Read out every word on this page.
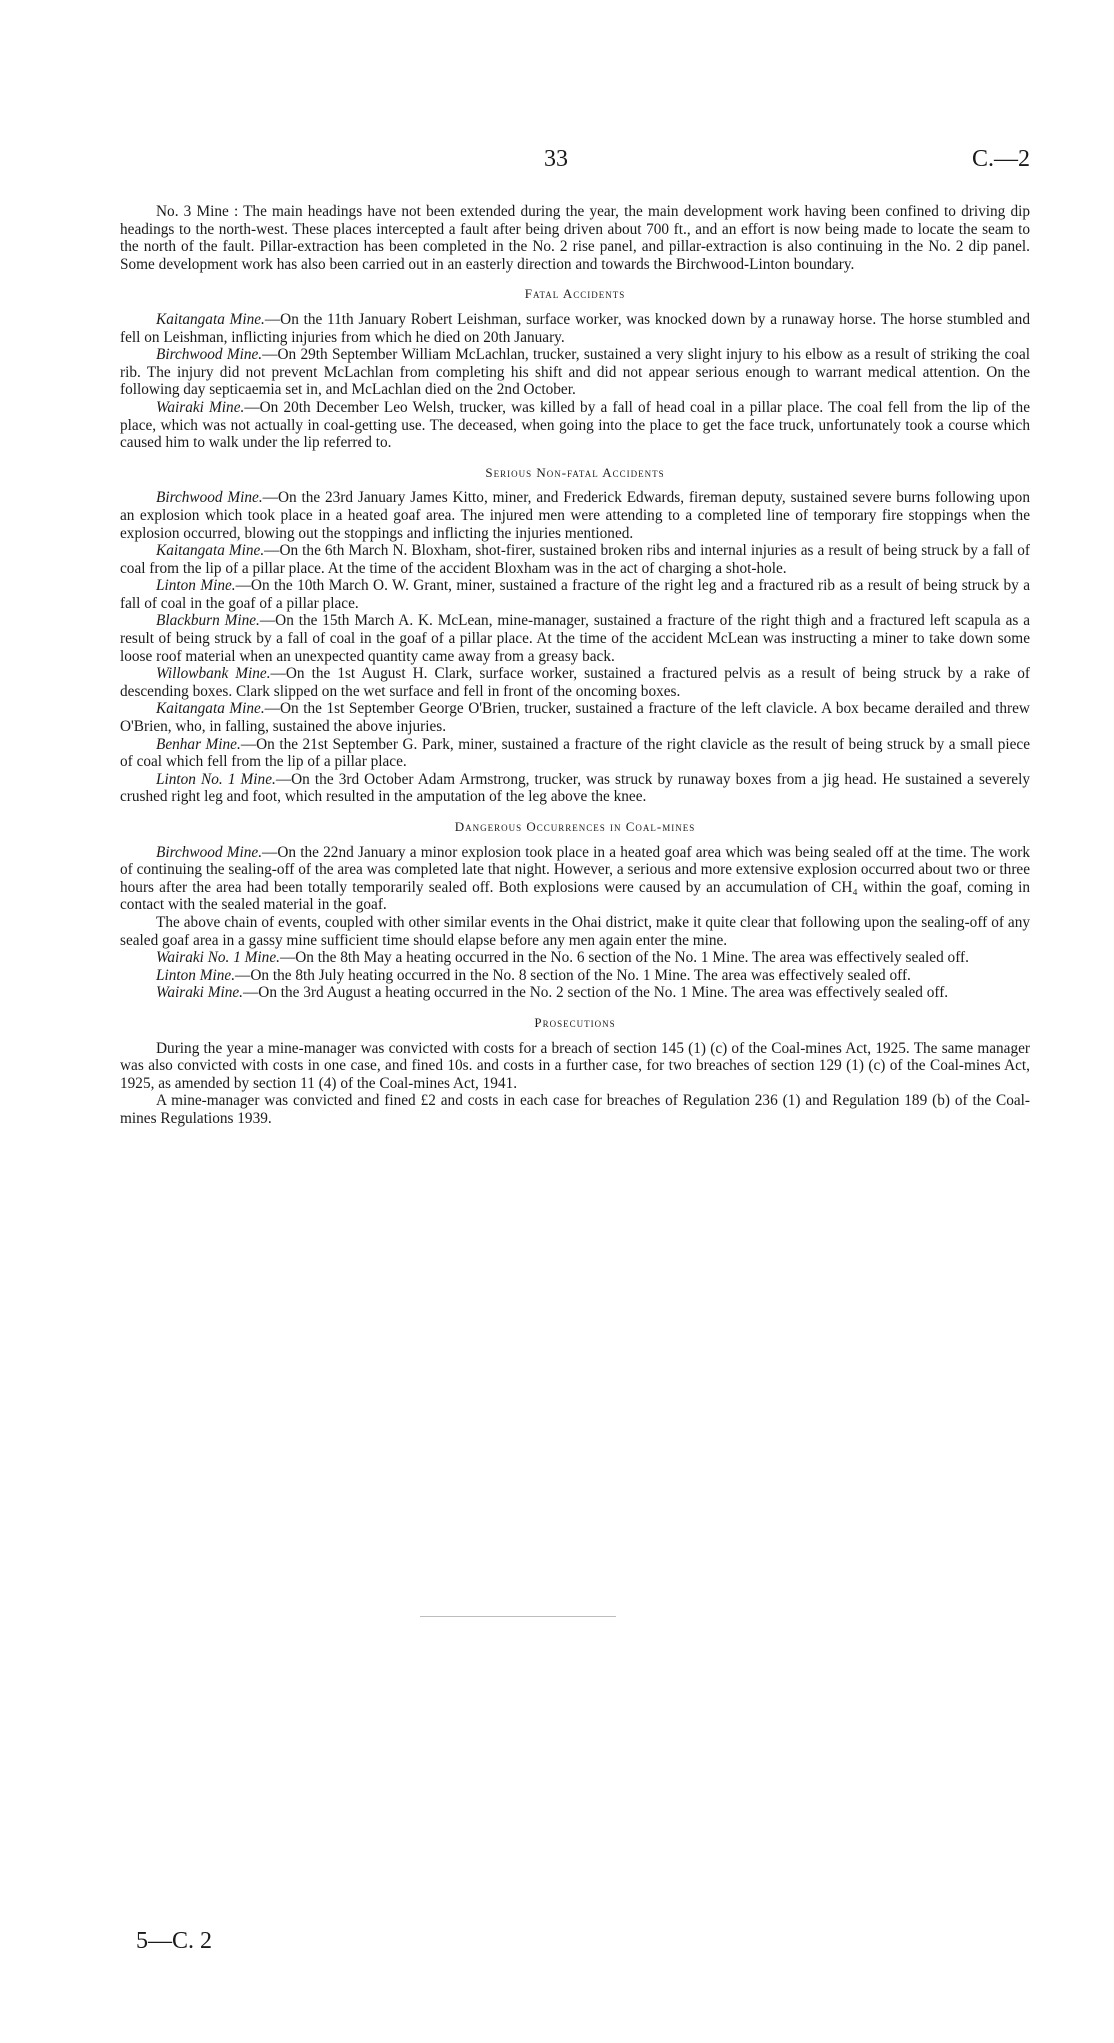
33	C.—2

No. 3 Mine : The main headings have not been extended during the year, the main development work having been confined to driving dip headings to the north-west. These places intercepted a fault after being driven about 700 ft., and an effort is now being made to locate the seam to the north of the fault. Pillar-extraction has been completed in the No. 2 rise panel, and pillar-extraction is also continuing in the No. 2 dip panel. Some development work has also been carried out in an easterly direction and towards the Birchwood-Linton boundary.

Fatal Accidents

Kaitangata Mine.—On the 11th January Robert Leishman, surface worker, was knocked down by a runaway horse. The horse stumbled and fell on Leishman, inflicting injuries from which he died on 20th January.

Birchwood Mine.—On 29th September William McLachlan, trucker, sustained a very slight injury to his elbow as a result of striking the coal rib. The injury did not prevent McLachlan from completing his shift and did not appear serious enough to warrant medical attention. On the following day septicaemia set in, and McLachlan died on the 2nd October.

Wairaki Mine.—On 20th December Leo Welsh, trucker, was killed by a fall of head coal in a pillar place. The coal fell from the lip of the place, which was not actually in coal-getting use. The deceased, when going into the place to get the face truck, unfortunately took a course which caused him to walk under the lip referred to.

Serious Non-fatal Accidents

Birchwood Mine.—On the 23rd January James Kitto, miner, and Frederick Edwards, fireman deputy, sustained severe burns following upon an explosion which took place in a heated goaf area. The injured men were attending to a completed line of temporary fire stoppings when the explosion occurred, blowing out the stoppings and inflicting the injuries mentioned.

Kaitangata Mine.—On the 6th March N. Bloxham, shot-firer, sustained broken ribs and internal injuries as a result of being struck by a fall of coal from the lip of a pillar place. At the time of the accident Bloxham was in the act of charging a shot-hole.

Linton Mine.—On the 10th March O. W. Grant, miner, sustained a fracture of the right leg and a fractured rib as a result of being struck by a fall of coal in the goaf of a pillar place.

Blackburn Mine.—On the 15th March A. K. McLean, mine-manager, sustained a fracture of the right thigh and a fractured left scapula as a result of being struck by a fall of coal in the goaf of a pillar place. At the time of the accident McLean was instructing a miner to take down some loose roof material when an unexpected quantity came away from a greasy back.

Willowbank Mine.—On the 1st August H. Clark, surface worker, sustained a fractured pelvis as a result of being struck by a rake of descending boxes. Clark slipped on the wet surface and fell in front of the oncoming boxes.

Kaitangata Mine.—On the 1st September George O'Brien, trucker, sustained a fracture of the left clavicle. A box became derailed and threw O'Brien, who, in falling, sustained the above injuries.

Benhar Mine.—On the 21st September G. Park, miner, sustained a fracture of the right clavicle as the result of being struck by a small piece of coal which fell from the lip of a pillar place.

Linton No. 1 Mine.—On the 3rd October Adam Armstrong, trucker, was struck by runaway boxes from a jig head. He sustained a severely crushed right leg and foot, which resulted in the amputation of the leg above the knee.

Dangerous Occurrences in Coal-mines

Birchwood Mine.—On the 22nd January a minor explosion took place in a heated goaf area which was being sealed off at the time. The work of continuing the sealing-off of the area was completed late that night. However, a serious and more extensive explosion occurred about two or three hours after the area had been totally temporarily sealed off. Both explosions were caused by an accumulation of CH₄ within the goaf, coming in contact with the sealed material in the goaf.

The above chain of events, coupled with other similar events in the Ohai district, make it quite clear that following upon the sealing-off of any sealed goaf area in a gassy mine sufficient time should elapse before any men again enter the mine.

Wairaki No. 1 Mine.—On the 8th May a heating occurred in the No. 6 section of the No. 1 Mine. The area was effectively sealed off.

Linton Mine.—On the 8th July heating occurred in the No. 8 section of the No. 1 Mine. The area was effectively sealed off.

Wairaki Mine.—On the 3rd August a heating occurred in the No. 2 section of the No. 1 Mine. The area was effectively sealed off.

Prosecutions

During the year a mine-manager was convicted with costs for a breach of section 145 (1) (c) of the Coal-mines Act, 1925. The same manager was also convicted with costs in one case, and fined 10s. and costs in a further case, for two breaches of section 129 (1) (c) of the Coal-mines Act, 1925, as amended by section 11 (4) of the Coal-mines Act, 1941.

A mine-manager was convicted and fined £2 and costs in each case for breaches of Regulation 236 (1) and Regulation 189 (b) of the Coal-mines Regulations 1939.

5—C. 2
